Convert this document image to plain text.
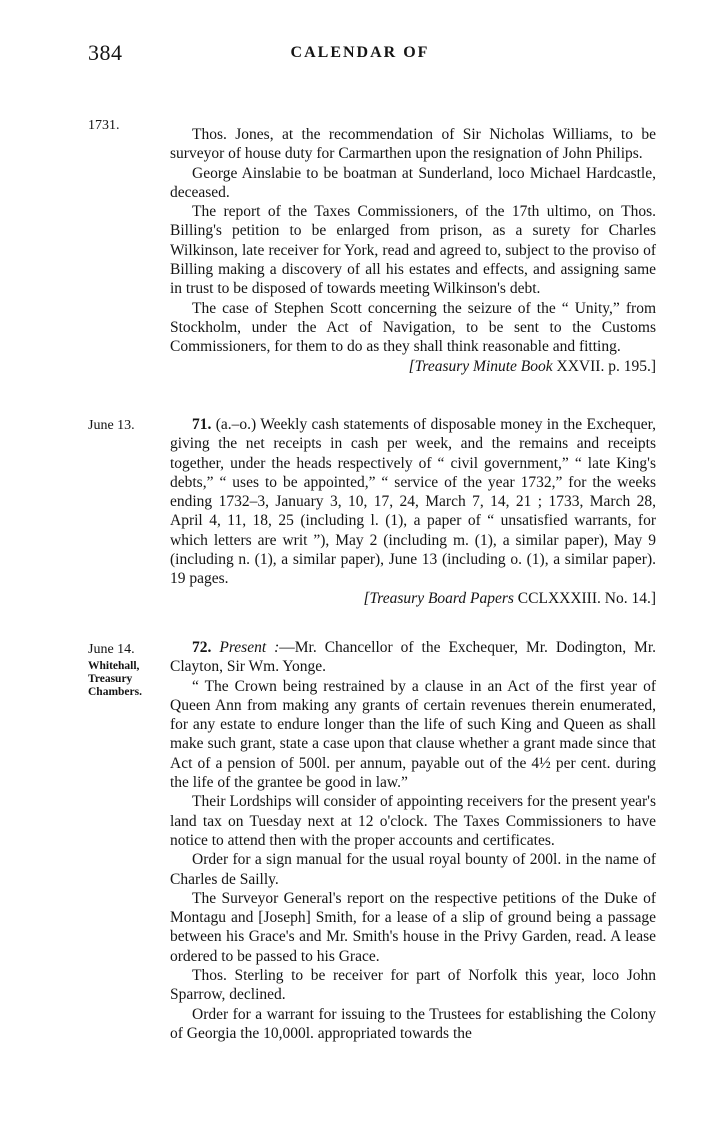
384	CALENDAR OF
1731.

Thos. Jones, at the recommendation of Sir Nicholas Williams, to be surveyor of house duty for Carmarthen upon the resignation of John Philips.

George Ainslabie to be boatman at Sunderland, loco Michael Hardcastle, deceased.

The report of the Taxes Commissioners, of the 17th ultimo, on Thos. Billing's petition to be enlarged from prison, as a surety for Charles Wilkinson, late receiver for York, read and agreed to, subject to the proviso of Billing making a discovery of all his estates and effects, and assigning same in trust to be disposed of towards meeting Wilkinson's debt.

The case of Stephen Scott concerning the seizure of the “ Unity,” from Stockholm, under the Act of Navigation, to be sent to the Customs Commissioners, for them to do as they shall think reasonable and fitting.

[Treasury Minute Book XXVII. p. 195.]
June 13.	71. (a.–o.) Weekly cash statements of disposable money in the Exchequer, giving the net receipts in cash per week, and the remains and receipts together, under the heads respectively of “ civil government,” “ late King's debts,” “ uses to be appointed,” “ service of the year 1732,” for the weeks ending 1732–3, January 3, 10, 17, 24, March 7, 14, 21 ; 1733, March 28, April 4, 11, 18, 25 (including l. (1), a paper of “ unsatisfied warrants, for which letters are writ ”), May 2 (including m. (1), a similar paper), May 9 (including n. (1), a similar paper), June 13 (including o. (1), a similar paper). 19 pages.

[Treasury Board Papers CCLXXXIII. No. 14.]
June 14.
Whitehall,
Treasury
Chambers.

72. Present :—Mr. Chancellor of the Exchequer, Mr. Dodington, Mr. Clayton, Sir Wm. Yonge.

“ The Crown being restrained by a clause in an Act of the first year of Queen Ann from making any grants of certain revenues therein enumerated, for any estate to endure longer than the life of such King and Queen as shall make such grant, state a case upon that clause whether a grant made since that Act of a pension of 500l. per annum, payable out of the 4½ per cent. during the life of the grantee be good in law.”

Their Lordships will consider of appointing receivers for the present year's land tax on Tuesday next at 12 o'clock. The Taxes Commissioners to have notice to attend then with the proper accounts and certificates.

Order for a sign manual for the usual royal bounty of 200l. in the name of Charles de Sailly.

The Surveyor General's report on the respective petitions of the Duke of Montagu and [Joseph] Smith, for a lease of a slip of ground being a passage between his Grace's and Mr. Smith's house in the Privy Garden, read. A lease ordered to be passed to his Grace.

Thos. Sterling to be receiver for part of Norfolk this year, loco John Sparrow, declined.

Order for a warrant for issuing to the Trustees for establishing the Colony of Georgia the 10,000l. appropriated towards the
